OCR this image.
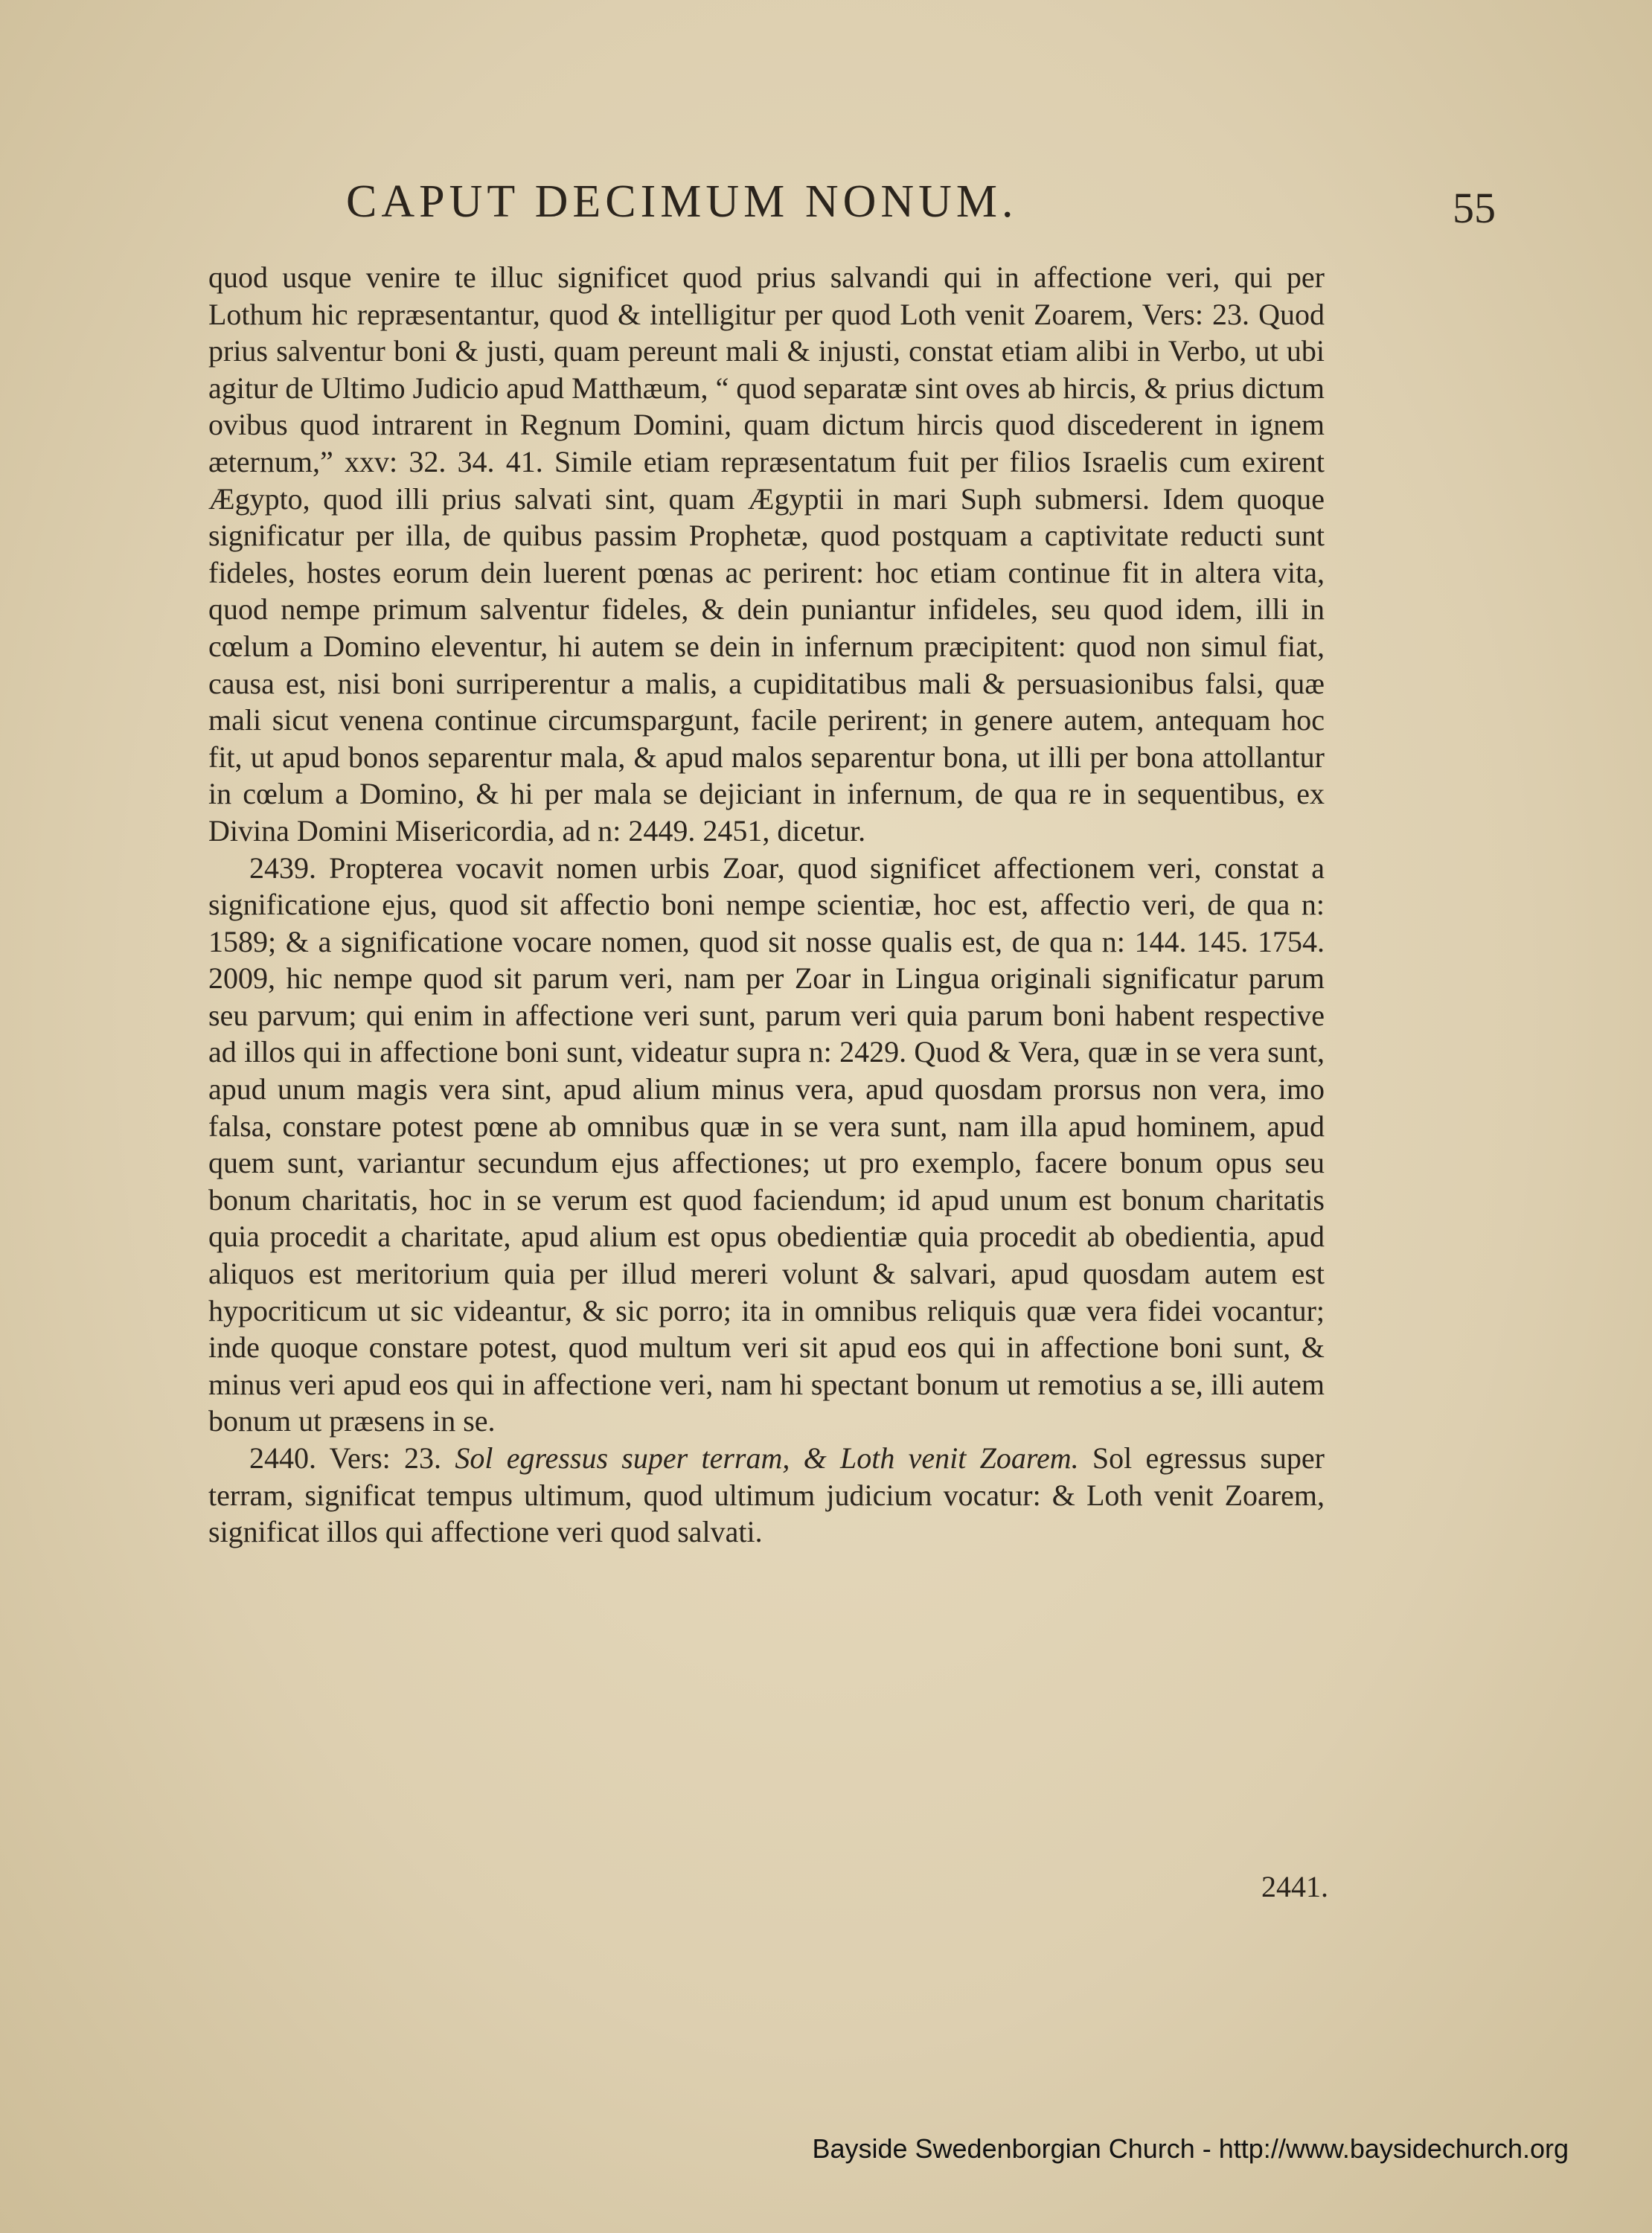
CAPUT DECIMUM NONUM.	55

quod usque venire te illuc significet quod prius salvandi qui in affectione veri, qui per Lothum hic repræsentantur, quod & intelligitur per quod Loth venit Zoarem, Vers: 23. Quod prius salventur boni & justi, quam pereunt mali & injusti, constat etiam alibi in Verbo, ut ubi agitur de Ultimo Judicio apud Matthæum, “ quod separatæ sint oves ab hircis, & prius dictum ovibus quod intrarent in Regnum Domini, quam dictum hircis quod discederent in ignem æternum,” xxv: 32. 34. 41. Simile etiam repræsentatum fuit per filios Israelis cum exirent Ægypto, quod illi prius salvati sint, quam Ægyptii in mari Suph submersi. Idem quoque significatur per illa, de quibus passim Prophetæ, quod postquam a captivitate reducti sunt fideles, hostes eorum dein luerent pœnas ac perirent: hoc etiam continue fit in altera vita, quod nempe primum salventur fideles, & dein puniantur infideles, seu quod idem, illi in cœlum a Domino eleventur, hi autem se dein in infernum præcipitent: quod non simul fiat, causa est, nisi boni surriperentur a malis, a cupiditatibus mali & persuasionibus falsi, quæ mali sicut venena continue circumspargunt, facile perirent; in genere autem, antequam hoc fit, ut apud bonos separentur mala, & apud malos separentur bona, ut illi per bona attollantur in cœlum a Domino, & hi per mala se dejiciant in infernum, de qua re in sequentibus, ex Divina Domini Misericordia, ad n: 2449. 2451, dicetur.

2439. Propterea vocavit nomen urbis Zoar, quod significet affectionem veri, constat a significatione ejus, quod sit affectio boni nempe scientiæ, hoc est, affectio veri, de qua n: 1589; & a significatione vocare nomen, quod sit nosse qualis est, de qua n: 144. 145. 1754. 2009, hic nempe quod sit parum veri, nam per Zoar in Lingua originali significatur parum seu parvum; qui enim in affectione veri sunt, parum veri quia parum boni habent respective ad illos qui in affectione boni sunt, videatur supra n: 2429. Quod & Vera, quæ in se vera sunt, apud unum magis vera sint, apud alium minus vera, apud quosdam prorsus non vera, imo falsa, constare potest pœne ab omnibus quæ in se vera sunt, nam illa apud hominem, apud quem sunt, variantur secundum ejus affectiones; ut pro exemplo, facere bonum opus seu bonum charitatis, hoc in se verum est quod faciendum; id apud unum est bonum charitatis quia procedit a charitate, apud alium est opus obedientiæ quia procedit ab obedientia, apud aliquos est meritorium quia per illud mereri volunt & salvari, apud quosdam autem est hypocriticum ut sic videantur, & sic porro; ita in omnibus reliquis quæ vera fidei vocantur; inde quoque constare potest, quod multum veri sit apud eos qui in affectione boni sunt, & minus veri apud eos qui in affectione veri, nam hi spectant bonum ut remotius a se, illi autem bonum ut præsens in se.

2440. Vers: 23. Sol egressus super terram, & Loth venit Zoarem. Sol egressus super terram, significat tempus ultimum, quod ultimum judicium vocatur: & Loth venit Zoarem, significat illos qui affectione veri quod salvati.

2441.
Bayside Swedenborgian Church - http://www.baysidechurch.org
